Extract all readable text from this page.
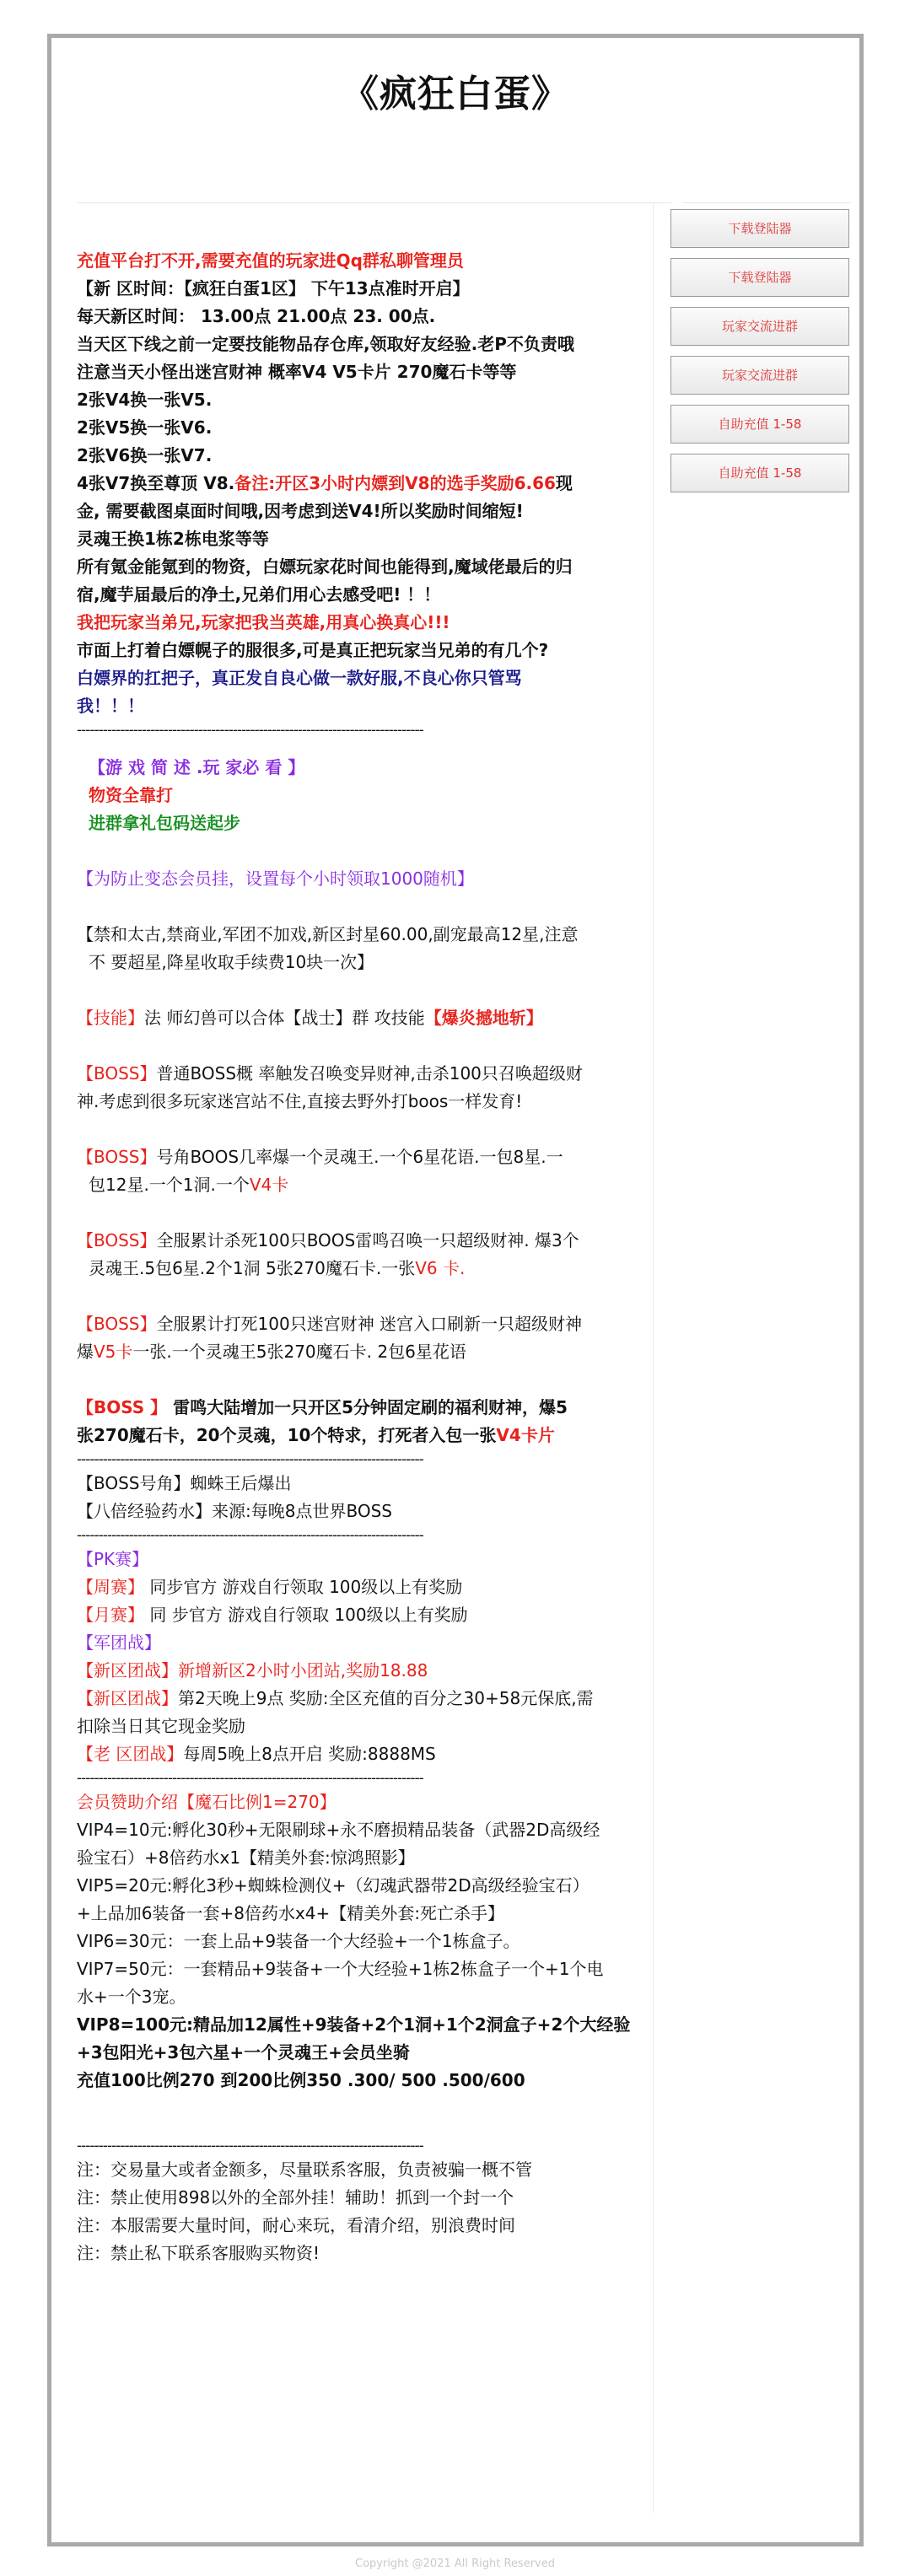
《疯狂白蛋》
下载登陆器
下载登陆器
玩家交流进群
玩家交流进群
自助充值 1-58
自助充值 1-58
充值平台打不开,需要充值的玩家进Qq群私聊管理员
【新 区时间：【疯狂白蛋1区】 下午13点准时开启】
每天新区时间： 13.00点 21.00点 23. 00点.
当天区下线之前一定要技能物品存仓库,领取好友经验.老P不负责哦
注意当天小怪出迷宫财神 概率V4 V5卡片 270魔石卡等等
2张V4换一张V5.
2张V5换一张V6.
2张V6换一张V7.
4张V7换至尊顶 V8.备注:开区3小时内嫖到V8的选手奖励6.66现
金, 需要截图桌面时间哦,因考虑到送V4!所以奖励时间缩短!
灵魂王换1栋2栋电浆等等
所有氪金能氪到的物资，白嫖玩家花时间也能得到,魔域佬最后的归
宿,魔芋届最后的净土,兄弟们用心去感受吧! ！！
我把玩家当弟兄,玩家把我当英雄,用真心换真心!!!
市面上打着白嫖幌子的服很多,可是真正把玩家当兄弟的有几个?
白嫖界的扛把子，真正发自良心做一款好服,不良心你只管骂
我！！！
--------------------------------------------------------------------------------
【游 戏 简 述 .玩 家必 看 】
物资全靠打
进群拿礼包码送起步
【为防止变态会员挂，设置每个小时领取1000随机】
【禁和太古,禁商业,军团不加戏,新区封星60.00,副宠最高12星,注意
不 要超星,降星收取手续费10块一次】
【技能】法 师幻兽可以合体【战士】群 攻技能【爆炎撼地斩】
【BOSS】普通BOSS概 率触发召唤变异财神,击杀100只召唤超级财
神.考虑到很多玩家迷宫站不住,直接去野外打boos一样发育!
【BOSS】号角BOOS几率爆一个灵魂王.一个6星花语.一包8星.一
包12星.一个1洞.一个V4卡
【BOSS】全服累计杀死100只BOOS雷鸣召唤一只超级财神. 爆3个
灵魂王.5包6星.2个1洞 5张270魔石卡.一张V6 卡.
【BOSS】全服累计打死100只迷宫财神 迷宫入口刷新一只超级财神
爆V5卡一张.一个灵魂王5张270魔石卡. 2包6星花语
【BOSS 】 雷鸣大陆增加一只开区5分钟固定刷的福利财神，爆5
张270魔石卡，20个灵魂，10个特求，打死者入包一张V4卡片
--------------------------------------------------------------------------------
【BOSS号角】蜘蛛王后爆出
【八倍经验药水】来源:每晚8点世界BOSS
--------------------------------------------------------------------------------
【PK赛】
【周赛】 同步官方 游戏自行领取 100级以上有奖励
【月赛】 同 步官方 游戏自行领取 100级以上有奖励
【军团战】
【新区团战】新增新区2小时小团站,奖励18.88
【新区团战】第2天晚上9点 奖励:全区充值的百分之30+58元保底,需
扣除当日其它现金奖励
【老 区团战】每周5晚上8点开启 奖励:8888MS
--------------------------------------------------------------------------------
会员赞助介绍【魔石比例1=270】
VIP4=10元:孵化30秒+无限刷球+永不磨损精品装备（武器2D高级经
验宝石）+8倍药水x1【精美外套:惊鸿照影】
VIP5=20元:孵化3秒+蜘蛛检测仪+（幻魂武器带2D高级经验宝石）
+上品加6装备一套+8倍药水x4+【精美外套:死亡杀手】
VIP6=30元：一套上品+9装备一个大经验+一个1栋盒子。
VIP7=50元：一套精品+9装备+一个大经验+1栋2栋盒子一个+1个电
水+一个3宠。
VIP8=100元:精品加12属性+9装备+2个1洞+1个2洞盒子+2个大经验
+3包阳光+3包六星+一个灵魂王+会员坐骑
充值100比例270 到200比例350 .300/ 500 .500/600
--------------------------------------------------------------------------------
注：交易量大或者金额多，尽量联系客服，负责被骗一概不管
注：禁止使用898以外的全部外挂！辅助！抓到一个封一个
注：本服需要大量时间，耐心来玩，看清介绍，别浪费时间
注：禁止私下联系客服购买物资!
Copyright @2021 All Right Reserved
